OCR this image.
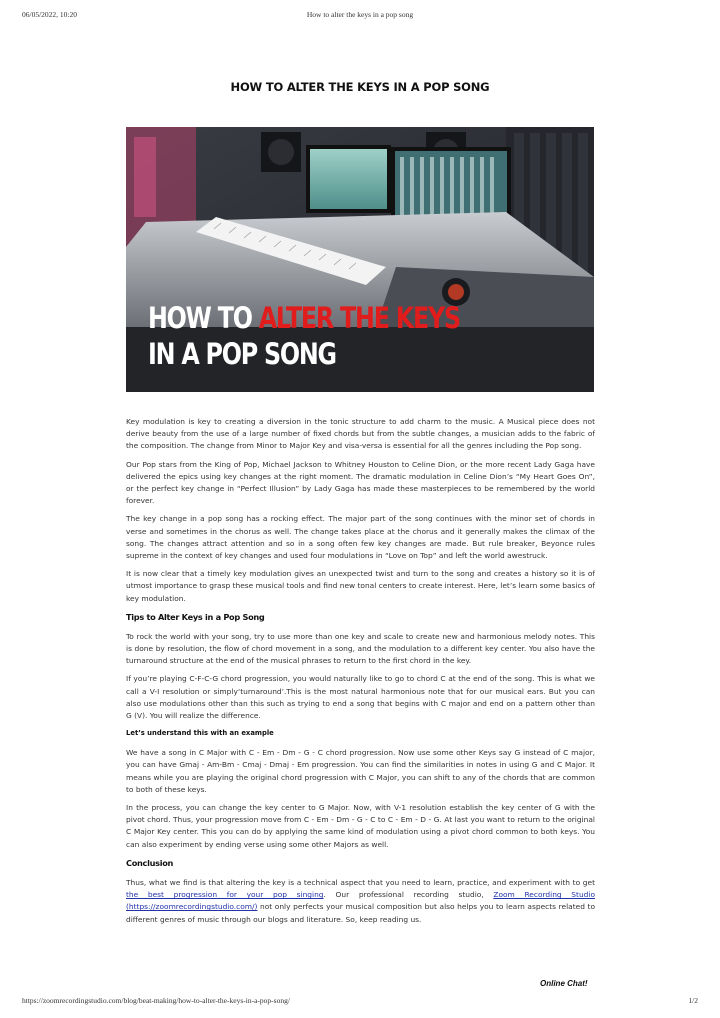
06/05/2022, 10:20	How to alter the keys in a pop song
HOW TO ALTER THE KEYS IN A POP SONG
HOW TO ALTER THE KEYS
IN A POP SONG

Key modulation is key to creating a diversion in the tonic structure to add charm to the music. A Musical piece does not derive beauty from the use of a large number of fixed chords but from the subtle changes, a musician adds to the fabric of the composition. The change from Minor to Major Key and visa-versa is essential for all the genres including the Pop song.

Our Pop stars from the King of Pop, Michael Jackson to Whitney Houston to Celine Dion, or the more recent Lady Gaga have delivered the epics using key changes at the right moment. The dramatic modulation in Celine Dion’s “My Heart Goes On”, or the perfect key change in “Perfect Illusion” by Lady Gaga has made these masterpieces to be remembered by the world forever.

The key change in a pop song has a rocking effect. The major part of the song continues with the minor set of chords in verse and sometimes in the chorus as well. The change takes place at the chorus and it generally makes the climax of the song. The changes attract attention and so in a song often few key changes are made. But rule breaker, Beyonce rules supreme in the context of key changes and used four modulations in “Love on Top” and left the world awestruck.

It is now clear that a timely key modulation gives an unexpected twist and turn to the song and creates a history so it is of utmost importance to grasp these musical tools and find new tonal centers to create interest. Here, let’s learn some basics of key modulation.

Tips to Alter Keys in a Pop Song

To rock the world with your song, try to use more than one key and scale to create new and harmonious melody notes. This is done by resolution, the flow of chord movement in a song, and the modulation to a different key center. You also have the turnaround structure at the end of the musical phrases to return to the first chord in the key.

If you’re playing C-F-C-G chord progression, you would naturally like to go to chord C at the end of the song. This is what we call a V-I resolution or simply‘turnaround’.This is the most natural harmonious note that for our musical ears. But you can also use modulations other than this such as trying to end a song that begins with C major and end on a pattern other than G (V). You will realize the difference.

Let’s understand this with an example

We have a song in C Major with C - Em - Dm - G - C chord progression. Now use some other Keys say G instead of C major, you can have Gmaj - Am-Bm - Cmaj - Dmaj - Em progression. You can find the similarities in notes in using G and C Major. It means while you are playing the original chord progression with C Major, you can shift to any of the chords that are common to both of these keys.

In the process, you can change the key center to G Major. Now, with V-1 resolution establish the key center of G with the pivot chord. Thus, your progression move from C - Em - Dm - G - C to C - Em - D - G. At last you want to return to the original C Major Key center. This you can do by applying the same kind of modulation using a pivot chord common to both keys. You can also experiment by ending verse using some other Majors as well.

Conclusion

Thus, what we find is that altering the key is a technical aspect that you need to learn, practice, and experiment with to get the best progression for your pop singing. Our professional recording studio, Zoom Recording Studio (https://zoomrecordingstudio.com/) not only perfects your musical composition but also helps you to learn aspects related to different genres of music through our blogs and literature. So, keep reading us.

Online Chat!
https://zoomrecordingstudio.com/blog/beat-making/how-to-alter-the-keys-in-a-pop-song/	1/2
